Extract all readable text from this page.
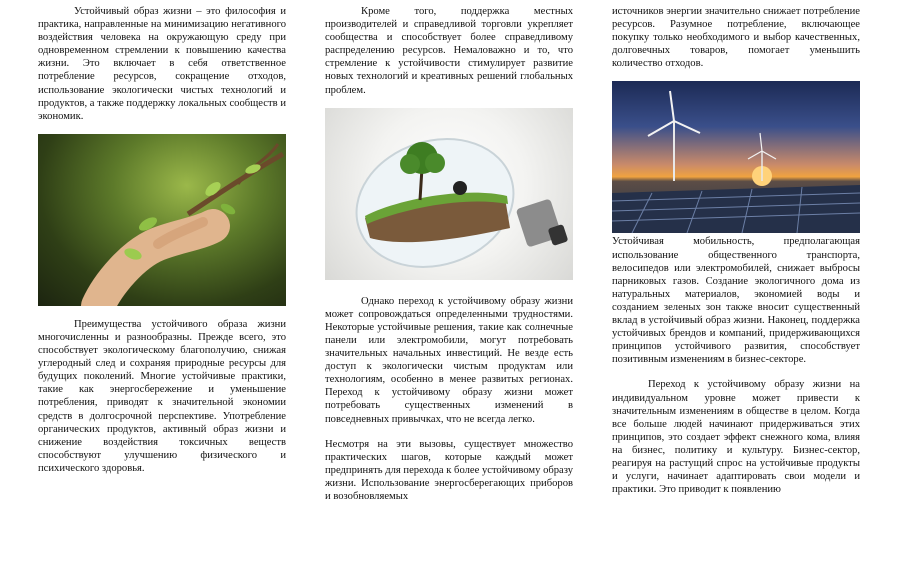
Устойчивый образ жизни – это философия и практика, направленные на минимизацию негативного воздействия человека на окружающую среду при одновременном стремлении к повышению качества жизни. Это включает в себя ответственное потребление ресурсов, сокращение отходов, использование экологически чистых технологий и продуктов, а также поддержку локальных сообществ и экономик.

Преимущества устойчивого образа жизни многочисленны и разнообразны. Прежде всего, это способствует экологическому благополучию, снижая углеродный след и сохраняя природные ресурсы для будущих поколений. Многие устойчивые практики, такие как энергосбережение и уменьшение потребления, приводят к значительной экономии средств в долгосрочной перспективе. Употребление органических продуктов, активный образ жизни и снижение воздействия токсичных веществ способствуют улучшению физического и психического здоровья.

Кроме того, поддержка местных производителей и справедливой торговли укрепляет сообщества и способствует более справедливому распределению ресурсов. Немаловажно и то, что стремление к устойчивости стимулирует развитие новых технологий и креативных решений глобальных проблем.

Однако переход к устойчивому образу жизни может сопровождаться определенными трудностями. Некоторые устойчивые решения, такие как солнечные панели или электромобили, могут потребовать значительных начальных инвестиций. Не везде есть доступ к экологически чистым продуктам или технологиям, особенно в менее развитых регионах. Переход к устойчивому образу жизни может потребовать существенных изменений в повседневных привычках, что не всегда легко.

Несмотря на эти вызовы, существует множество практических шагов, которые каждый может предпринять для перехода к более устойчивому образу жизни. Использование энергосберегающих приборов и возобновляемых

источников энергии значительно снижает потребление ресурсов. Разумное потребление, включающее покупку только необходимого и выбор качественных, долговечных товаров, помогает уменьшить количество отходов.

Устойчивая мобильность, предполагающая использование общественного транспорта, велосипедов или электромобилей, снижает выбросы парниковых газов. Создание экологичного дома из натуральных материалов, экономией воды и созданием зеленых зон также вносит существенный вклад в устойчивый образ жизни. Наконец, поддержка устойчивых брендов и компаний, придерживающихся принципов устойчивого развития, способствует позитивным изменениям в бизнес-секторе.

Переход к устойчивому образу жизни на индивидуальном уровне может привести к значительным изменениям в обществе в целом. Когда все больше людей начинают придерживаться этих принципов, это создает эффект снежного кома, влияя на бизнес, политику и культуру. Бизнес-сектор, реагируя на растущий спрос на устойчивые продукты и услуги, начинает адаптировать свои модели и практики. Это приводит к появлению
